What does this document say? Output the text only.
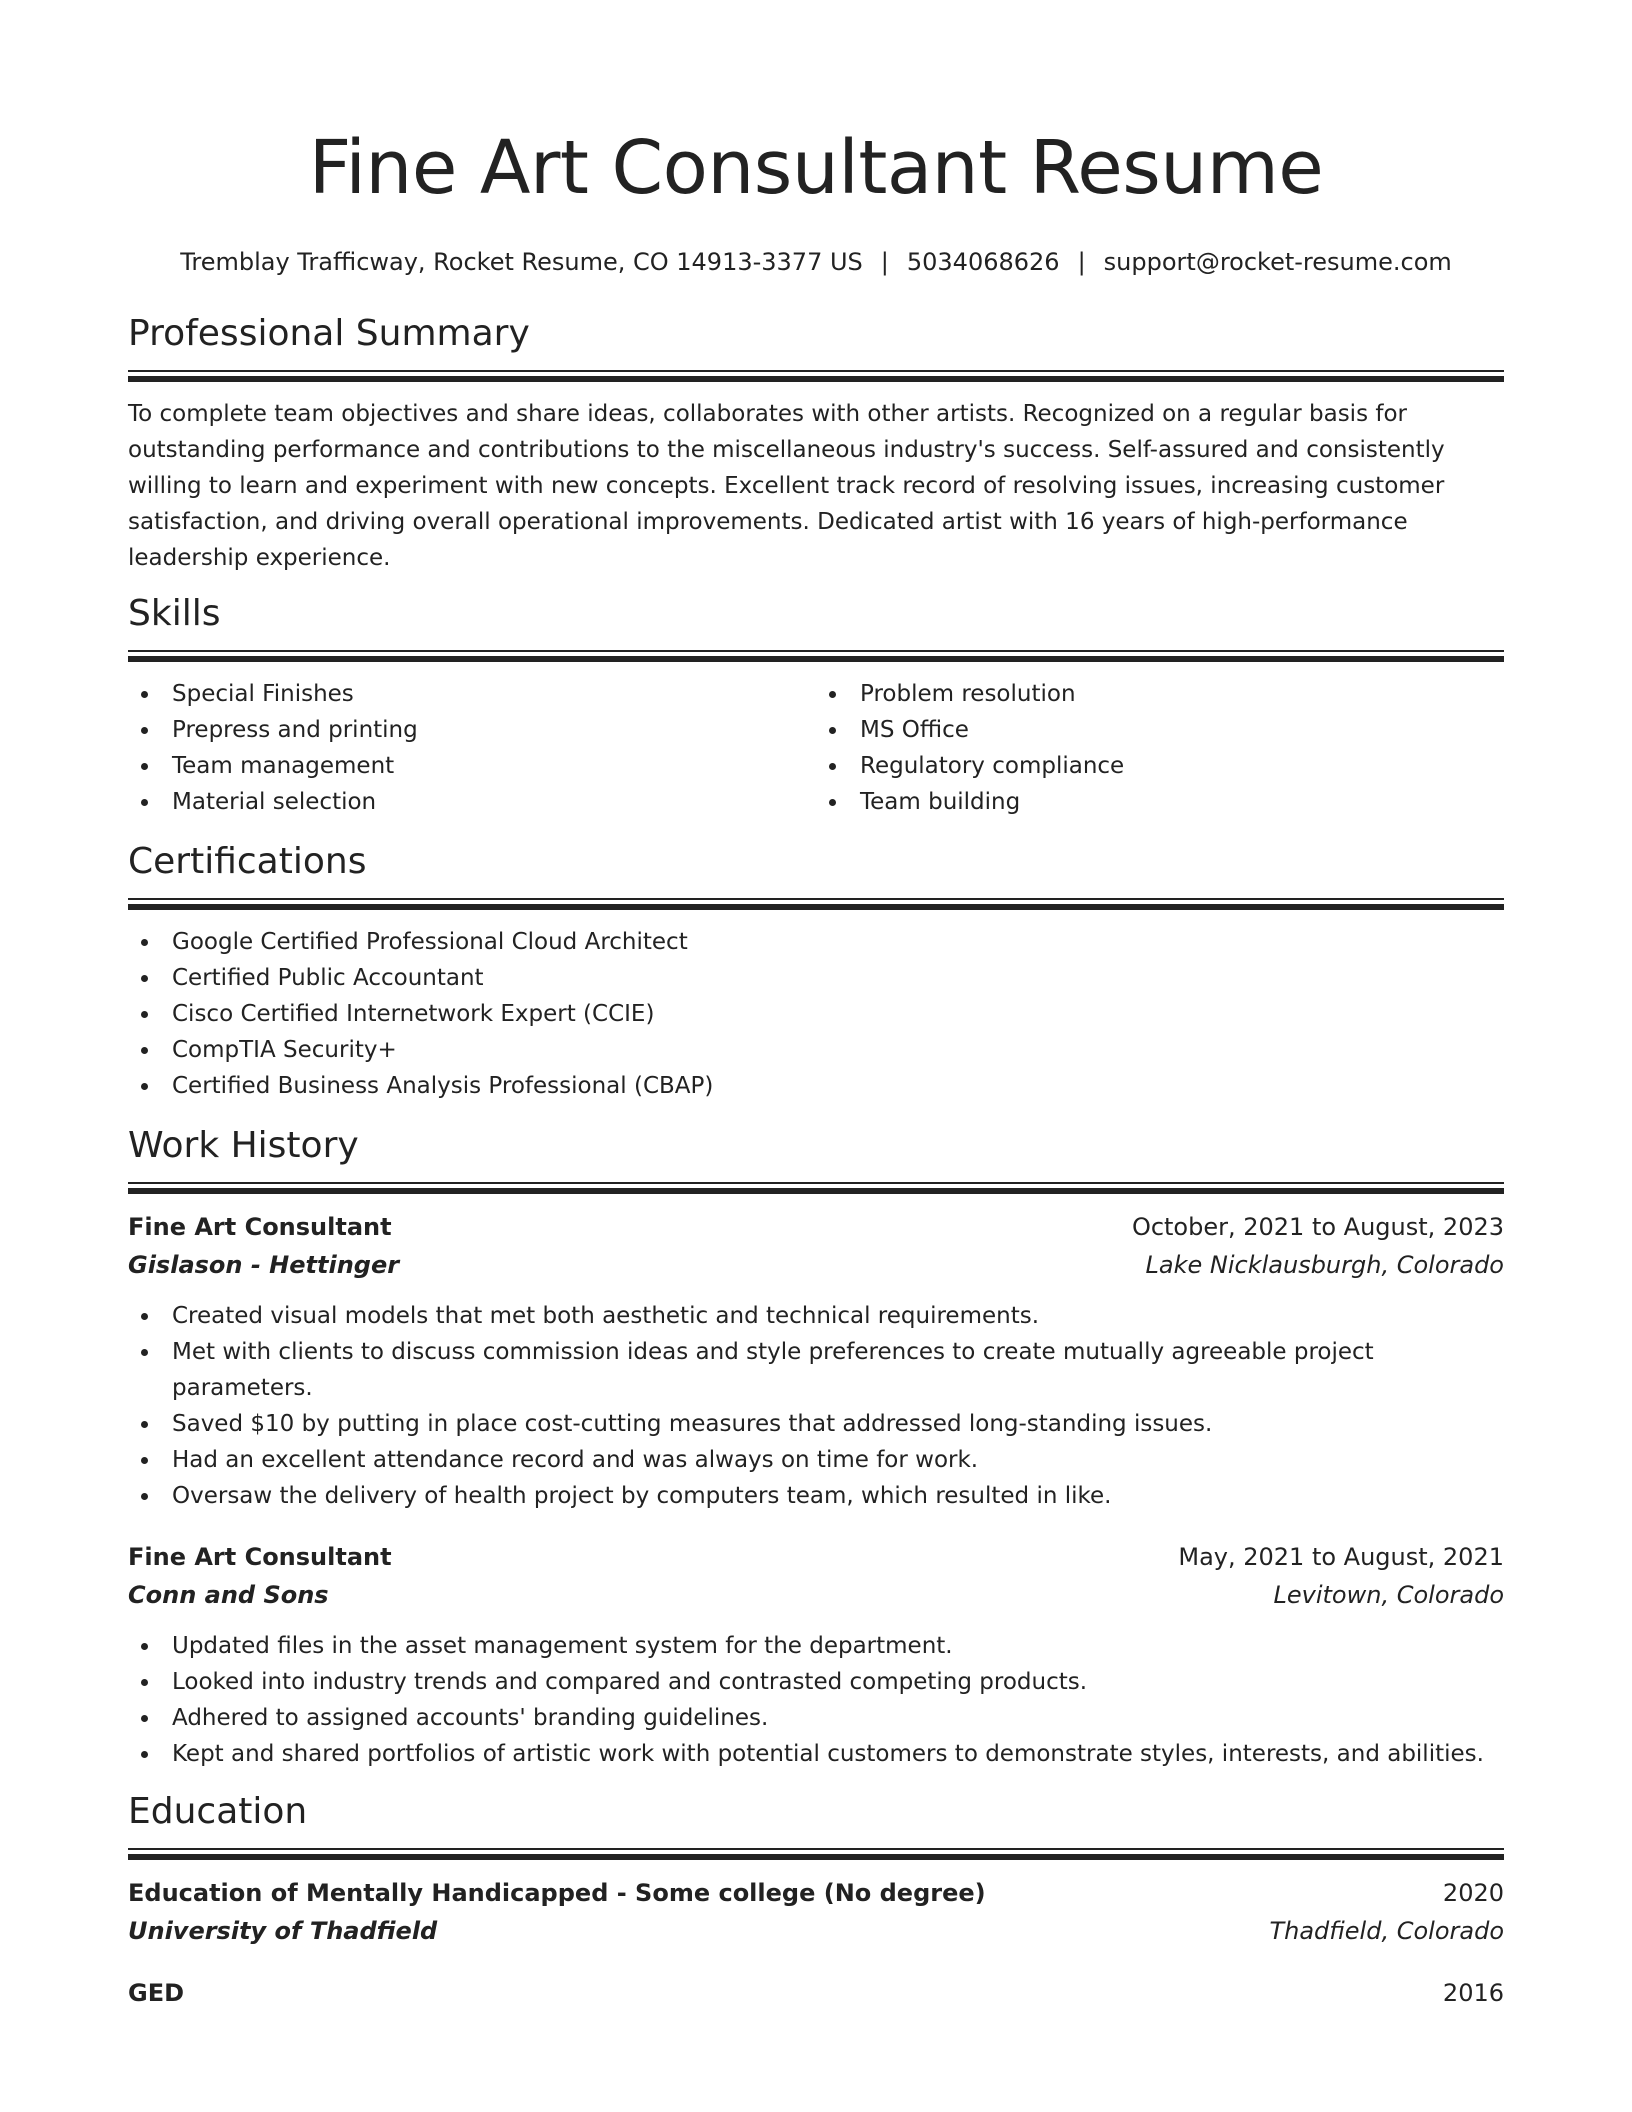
Fine Art Consultant Resume
Tremblay Trafficway, Rocket Resume, CO 14913-3377 US | 5034068626 | support@rocket-resume.com
Professional Summary

To complete team objectives and share ideas, collaborates with other artists. Recognized on a regular basis for outstanding performance and contributions to the miscellaneous industry's success. Self-assured and consistently willing to learn and experiment with new concepts. Excellent track record of resolving issues, increasing customer satisfaction, and driving overall operational improvements. Dedicated artist with 16 years of high-performance leadership experience.

Skills
Special Finishes
Prepress and printing
Team management
Material selection
Problem resolution
MS Office
Regulatory compliance
Team building
Certifications
Google Certified Professional Cloud Architect
Certified Public Accountant
Cisco Certified Internetwork Expert (CCIE)
CompTIA Security+
Certified Business Analysis Professional (CBAP)
Work History
Fine Art Consultant	October, 2021 to August, 2023
Gislason - Hettinger	Lake Nicklausburgh, Colorado
Created visual models that met both aesthetic and technical requirements.
Met with clients to discuss commission ideas and style preferences to create mutually agreeable project parameters.
Saved $10 by putting in place cost-cutting measures that addressed long-standing issues.
Had an excellent attendance record and was always on time for work.
Oversaw the delivery of health project by computers team, which resulted in like.
Fine Art Consultant	May, 2021 to August, 2021
Conn and Sons	Levitown, Colorado
Updated files in the asset management system for the department.
Looked into industry trends and compared and contrasted competing products.
Adhered to assigned accounts' branding guidelines.
Kept and shared portfolios of artistic work with potential customers to demonstrate styles, interests, and abilities.
Education
Education of Mentally Handicapped - Some college (No degree)	2020
University of Thadfield	Thadfield, Colorado
GED	2016
